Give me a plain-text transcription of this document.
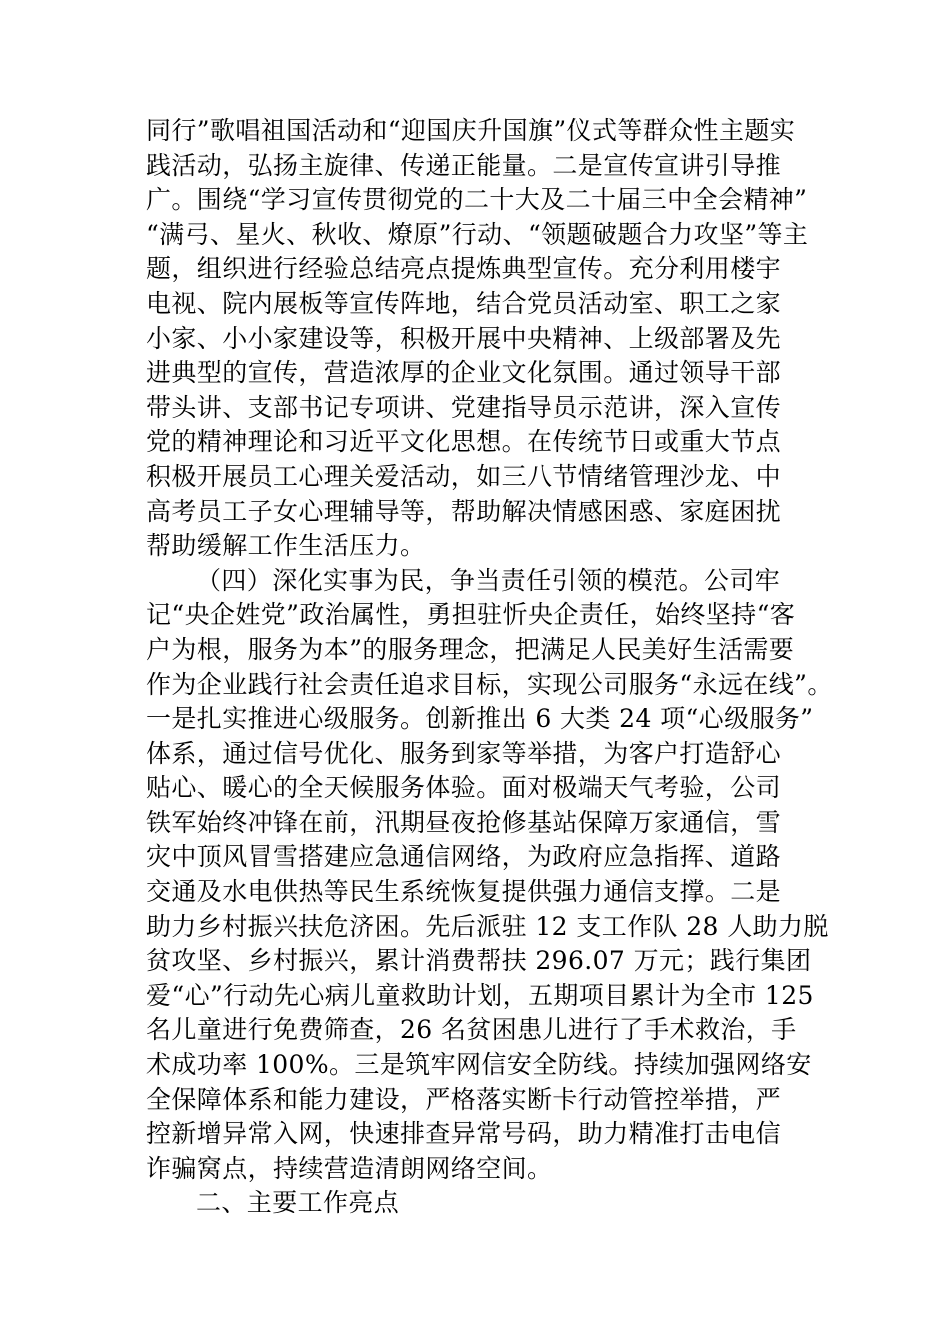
同行”歌唱祖国活动和“迎国庆升国旗”仪式等群众性主题实
践活动，弘扬主旋律、传递正能量。二是宣传宣讲引导推
广。围绕“学习宣传贯彻党的二十大及二十届三中全会精神”
“满弓、星火、秋收、燎原”行动、“领题破题合力攻坚”等主
题，组织进行经验总结亮点提炼典型宣传。充分利用楼宇
电视、院内展板等宣传阵地，结合党员活动室、职工之家
小家、小小家建设等，积极开展中央精神、上级部署及先
进典型的宣传，营造浓厚的企业文化氛围。通过领导干部
带头讲、支部书记专项讲、党建指导员示范讲，深入宣传
党的精神理论和习近平文化思想。在传统节日或重大节点
积极开展员工心理关爱活动，如三八节情绪管理沙龙、中
高考员工子女心理辅导等，帮助解决情感困惑、家庭困扰
帮助缓解工作生活压力。
（四）深化实事为民，争当责任引领的模范。公司牢
记“央企姓党”政治属性，勇担驻忻央企责任，始终坚持“客
户为根，服务为本”的服务理念，把满足人民美好生活需要
作为企业践行社会责任追求目标，实现公司服务“永远在线”。
一是扎实推进心级服务。创新推出 6 大类 24 项“心级服务”
体系，通过信号优化、服务到家等举措，为客户打造舒心
贴心、暖心的全天候服务体验。面对极端天气考验，公司
铁军始终冲锋在前，汛期昼夜抢修基站保障万家通信，雪
灾中顶风冒雪搭建应急通信网络，为政府应急指挥、道路
交通及水电供热等民生系统恢复提供强力通信支撑。二是
助力乡村振兴扶危济困。先后派驻 12 支工作队 28 人助力脱
贫攻坚、乡村振兴，累计消费帮扶 296.07 万元；践行集团
爱“心”行动先心病儿童救助计划，五期项目累计为全市 125
名儿童进行免费筛查，26 名贫困患儿进行了手术救治，手
术成功率 100%。三是筑牢网信安全防线。持续加强网络安
全保障体系和能力建设，严格落实断卡行动管控举措，严
控新增异常入网，快速排查异常号码，助力精准打击电信
诈骗窝点，持续营造清朗网络空间。
二、主要工作亮点
